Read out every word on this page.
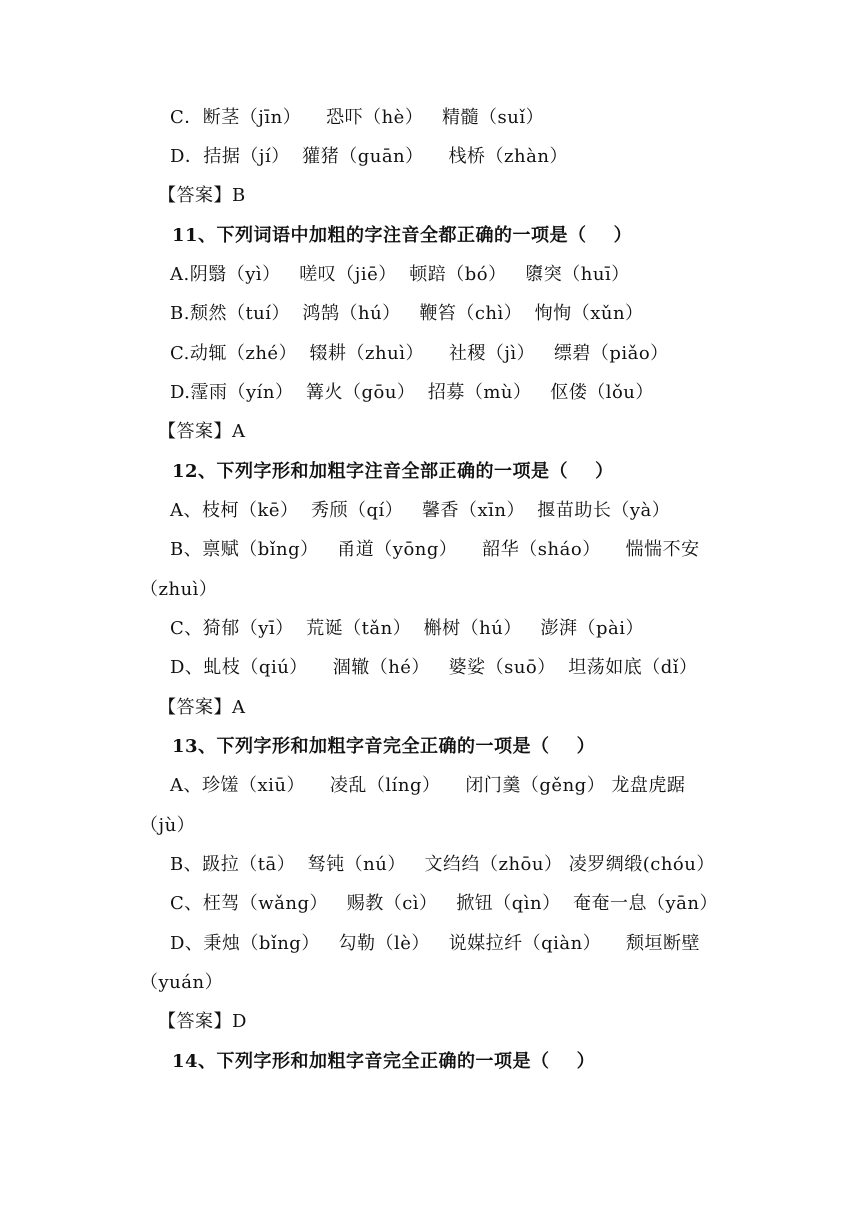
C．断茎（jīn）    恐吓（hè）   精髓（suǐ）
D．拮据（jí）  獾猪（guān）    栈桥（zhàn）
【答案】B
11、下列词语中加粗的字注音全都正确的一项是（    ）
A.阴翳（yì）   嗟叹（jiē）  顿踣（bó）   隳突（huī）
B.颓然（tuí）  鸿鹄（hú）   鞭笞（chì）  恂恂（xǔn）
C.动辄（zhé）  辍耕（zhuì）    社稷（jì）   缥碧（piǎo）
D.霪雨（yín）  篝火（gōu）  招募（mù）   伛偻（lǒu）
【答案】A
12、下列字形和加粗字注音全部正确的一项是（    ）
A、枝柯（kē）  秀颀（qí）   馨香（xīn）  揠苗助长（yà）
B、禀赋（bǐng）   甬道（yōng）    韶华（sháo）    惴惴不安
（zhuì）
C、猗郁（yī）  荒诞（tǎn）  槲树（hú）   澎湃（pài）
D、虬枝（qiú）    涸辙（hé）   婆娑（suō）  坦荡如底（dǐ）
【答案】A
13、下列字形和加粗字音完全正确的一项是（    ）
A、珍馐（xiū）    凌乱（líng）    闭门羹（gěng） 龙盘虎踞
（jù）
B、趿拉（tā）  驽钝（nú）   文绉绉（zhōu） 凌罗绸缎(chóu）
C、枉驾（wǎng）   赐教（cì）   掀钮（qìn）  奄奄一息（yān）
D、秉烛（bǐng）   勾勒（lè）   说媒拉纤（qiàn）    颓垣断壁
（yuán）
【答案】D
14、下列字形和加粗字音完全正确的一项是（    ）
